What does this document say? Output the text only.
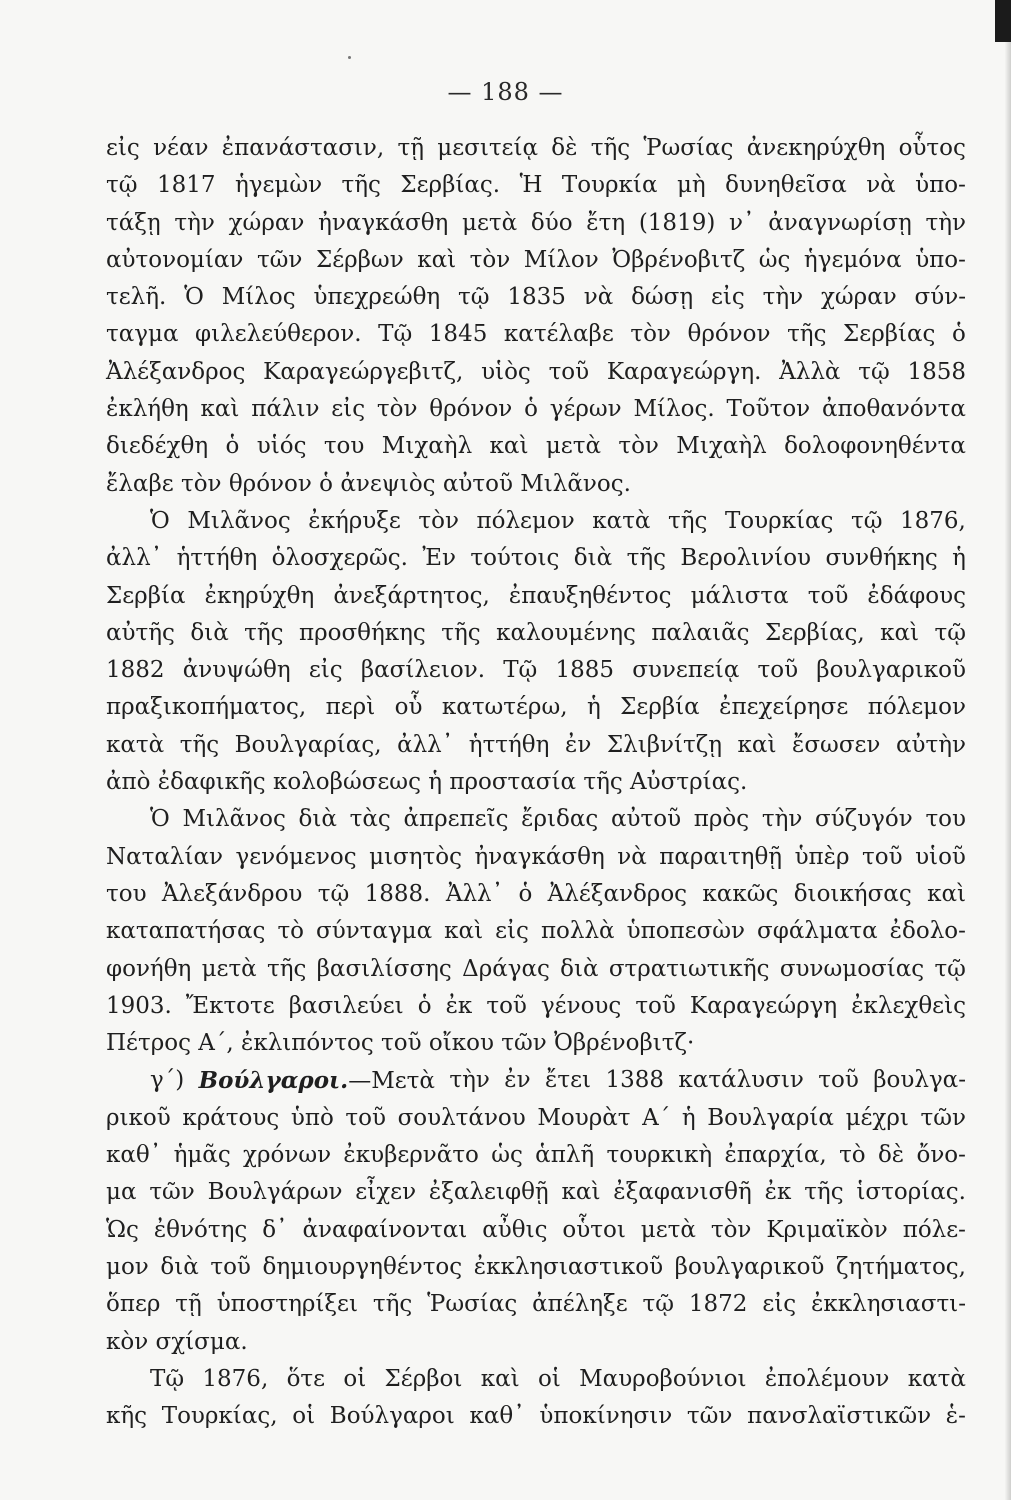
— 188 —
εἰς νέαν ἐπανάστασιν, τῇ μεσιτείᾳ δὲ τῆς Ῥωσίας ἀνεκηρύχθη οὗτος
τῷ 1817 ἡγεμὼν τῆς Σερβίας. Ἡ Τουρκία μὴ δυνηθεῖσα νὰ ὑπο-
τάξῃ τὴν χώραν ἠναγκάσθη μετὰ δύο ἔτη (1819) ν᾽ ἀναγνωρίσῃ τὴν
αὐτονομίαν τῶν Σέρβων καὶ τὸν Μίλον Ὀβρένοβιτζ ὡς ἡγεμόνα ὑπο-
τελῆ. Ὁ Μίλος ὑπεχρεώθη τῷ 1835 νὰ δώσῃ εἰς τὴν χώραν σύν-
ταγμα φιλελεύθερον. Τῷ 1845 κατέλαβε τὸν θρόνον τῆς Σερβίας ὁ
Ἀλέξανδρος Καραγεώργεβιτζ, υἱὸς τοῦ Καραγεώργη. Ἀλλὰ τῷ 1858
ἐκλήθη καὶ πάλιν εἰς τὸν θρόνον ὁ γέρων Μίλος. Τοῦτον ἀποθανόντα
διεδέχθη ὁ υἱός του Μιχαὴλ καὶ μετὰ τὸν Μιχαὴλ δολοφονηθέντα
ἔλαβε τὸν θρόνον ὁ ἀνεψιὸς αὐτοῦ Μιλᾶνος.
Ὁ Μιλᾶνος ἐκήρυξε τὸν πόλεμον κατὰ τῆς Τουρκίας τῷ 1876,
ἀλλ᾽ ἡττήθη ὁλοσχερῶς. Ἐν τούτοις διὰ τῆς Βερολινίου συνθήκης ἡ
Σερβία ἐκηρύχθη ἀνεξάρτητος, ἐπαυξηθέντος μάλιστα τοῦ ἐδάφους
αὐτῆς διὰ τῆς προσθήκης τῆς καλουμένης παλαιᾶς Σερβίας, καὶ τῷ
1882 ἀνυψώθη εἰς βασίλειον. Τῷ 1885 συνεπείᾳ τοῦ βουλγαρικοῦ
πραξικοπήματος, περὶ οὗ κατωτέρω, ἡ Σερβία ἐπεχείρησε πόλεμον
κατὰ τῆς Βουλγαρίας, ἀλλ᾽ ἡττήθη ἐν Σλιβνίτζῃ καὶ ἔσωσεν αὐτὴν
ἀπὸ ἐδαφικῆς κολοβώσεως ἡ προστασία τῆς Αὐστρίας.
Ὁ Μιλᾶνος διὰ τὰς ἀπρεπεῖς ἔριδας αὐτοῦ πρὸς τὴν σύζυγόν του
Ναταλίαν γενόμενος μισητὸς ἠναγκάσθη νὰ παραιτηθῇ ὑπὲρ τοῦ υἱοῦ
του Ἀλεξάνδρου τῷ 1888. Ἀλλ᾽ ὁ Ἀλέξανδρος κακῶς διοικήσας καὶ
καταπατήσας τὸ σύνταγμα καὶ εἰς πολλὰ ὑποπεσὼν σφάλματα ἐδολο-
φονήθη μετὰ τῆς βασιλίσσης Δράγας διὰ στρατιωτικῆς συνωμοσίας τῷ
1903. Ἔκτοτε βασιλεύει ὁ ἐκ τοῦ γένους τοῦ Καραγεώργη ἐκλεχθεὶς
Πέτρος Α΄, ἐκλιπόντος τοῦ οἴκου τῶν Ὀβρένοβιτζ·
γ΄) Βούλγαροι.—Μετὰ τὴν ἐν ἔτει 1388 κατάλυσιν τοῦ βουλγα-
ρικοῦ κράτους ὑπὸ τοῦ σουλτάνου Μουρὰτ Α΄ ἡ Βουλγαρία μέχρι τῶν
καθ᾽ ἡμᾶς χρόνων ἐκυβερνᾶτο ὡς ἁπλῆ τουρκικὴ ἐπαρχία, τὸ δὲ ὄνο-
μα τῶν Βουλγάρων εἶχεν ἐξαλειφθῇ καὶ ἐξαφανισθῆ ἐκ τῆς ἱστορίας.
Ὡς ἐθνότης δ᾽ ἀναφαίνονται αὖθις οὗτοι μετὰ τὸν Κριμαϊκὸν πόλε-
μον διὰ τοῦ δημιουργηθέντος ἐκκλησιαστικοῦ βουλγαρικοῦ ζητήματος,
ὅπερ τῇ ὑποστηρίξει τῆς Ῥωσίας ἀπέληξε τῷ 1872 εἰς ἐκκλησιαστι-
κὸν σχίσμα.
Τῷ 1876, ὅτε οἱ Σέρβοι καὶ οἱ Μαυροβούνιοι ἐπολέμουν κατὰ
κῆς Τουρκίας, οἱ Βούλγαροι καθ᾽ ὑποκίνησιν τῶν πανσλαϊστικῶν ἑ-
